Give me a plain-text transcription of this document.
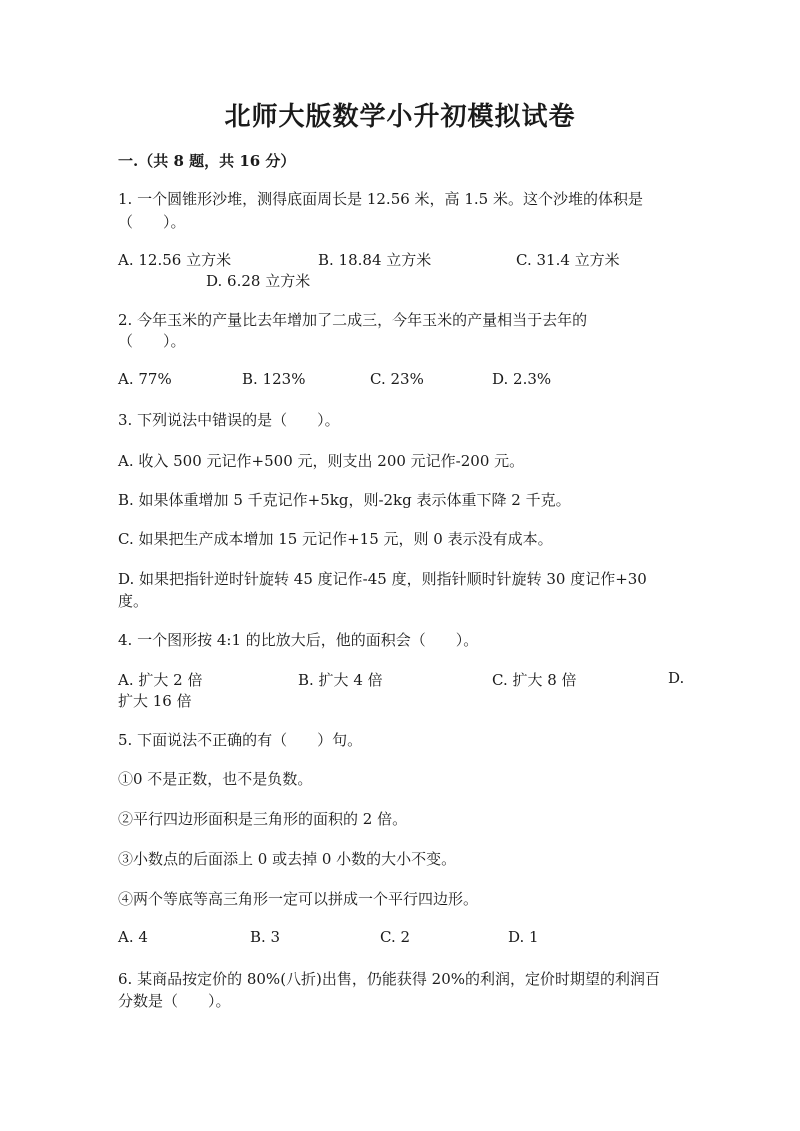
北师大版数学小升初模拟试卷
一.（共 8 题，共 16 分）
1. 一个圆锥形沙堆，测得底面周长是 12.56 米，高 1.5 米。这个沙堆的体积是
（　　）。
A. 12.56 立方米	B. 18.84 立方米	C. 31.4 立方米
D. 6.28 立方米
2. 今年玉米的产量比去年增加了二成三，今年玉米的产量相当于去年的
（　　）。
A. 77%	B. 123%	C. 23%	D. 2.3%
3. 下列说法中错误的是（　　）。
A. 收入 500 元记作+500 元，则支出 200 元记作-200 元。
B. 如果体重增加 5 千克记作+5kg，则-2kg 表示体重下降 2 千克。
C. 如果把生产成本增加 15 元记作+15 元，则 0 表示没有成本。
D. 如果把指针逆时针旋转 45 度记作-45 度，则指针顺时针旋转 30 度记作+30
度。
4. 一个图形按 4:1 的比放大后，他的面积会（　　）。
A. 扩大 2 倍	B. 扩大 4 倍	C. 扩大 8 倍	D.
扩大 16 倍
5. 下面说法不正确的有（　　）句。
①0 不是正数，也不是负数。
②平行四边形面积是三角形的面积的 2 倍。
③小数点的后面添上 0 或去掉 0 小数的大小不变。
④两个等底等高三角形一定可以拼成一个平行四边形。
A. 4	B. 3	C. 2	D. 1
6. 某商品按定价的 80%(八折)出售，仍能获得 20%的利润，定价时期望的利润百
分数是（　　）。
